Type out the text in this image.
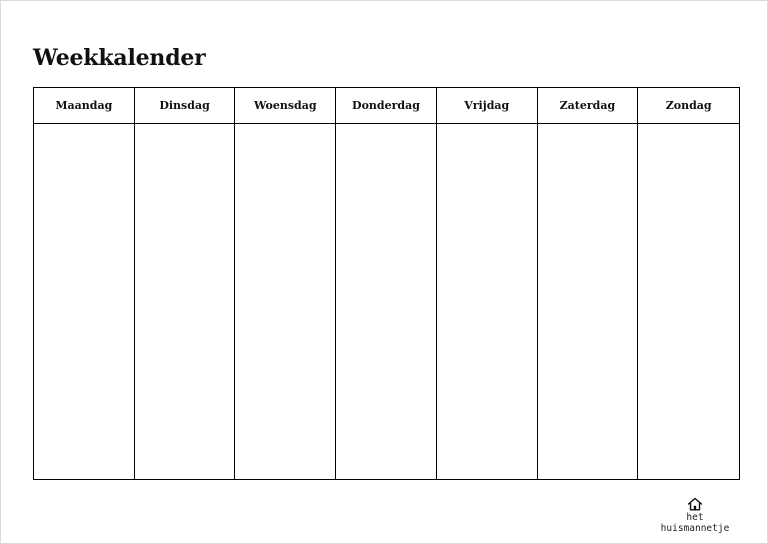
Weekkalender
Maandag	Dinsdag	Woensdag	Donderdag	Vrijdag	Zaterdag	Zondag
het huismannetje
